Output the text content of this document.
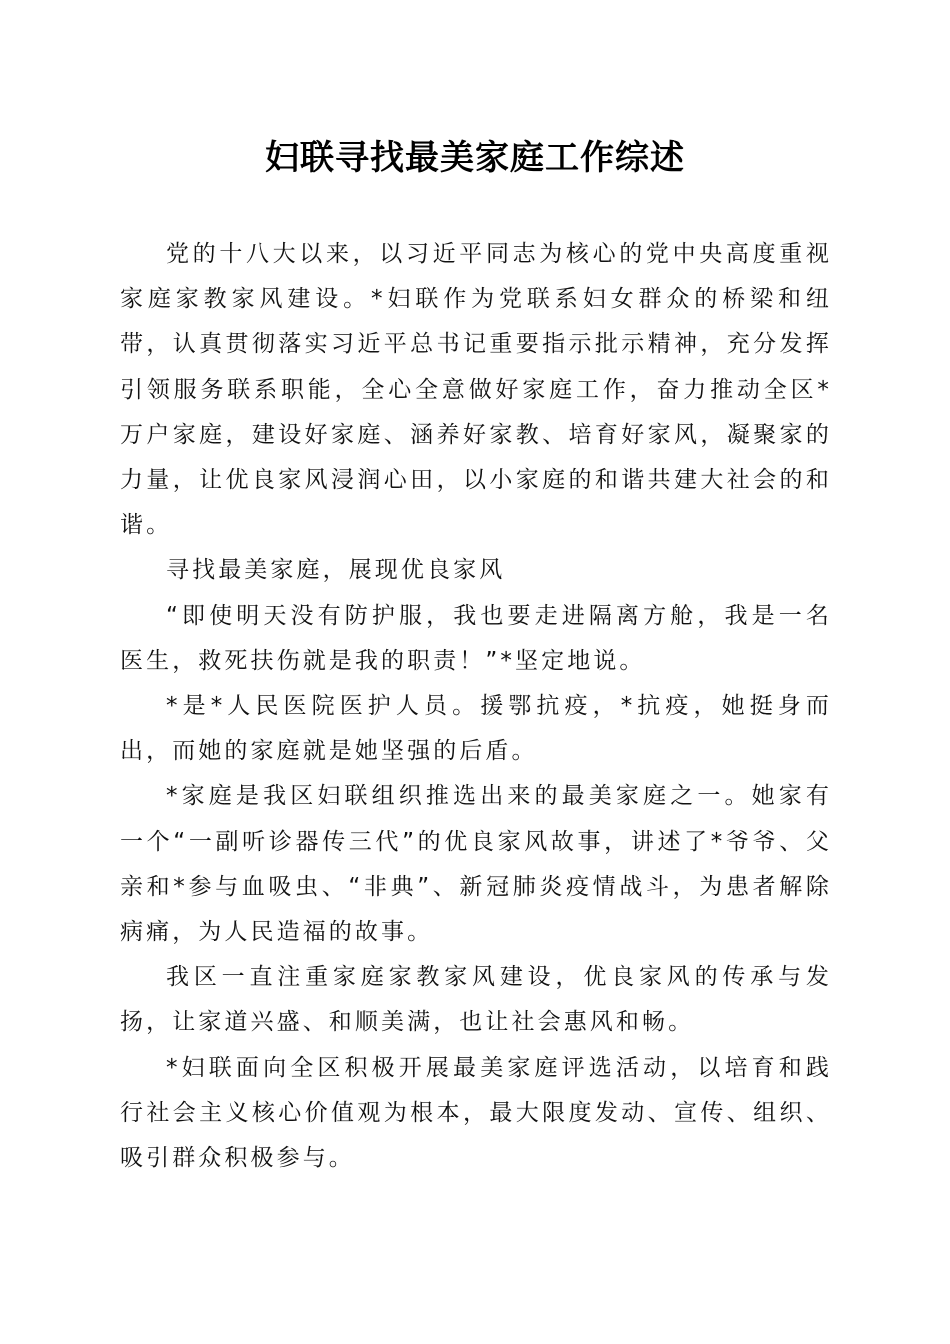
妇联寻找最美家庭工作综述

党的十八大以来，以习近平同志为核心的党中央高度重视家庭家教家风建设。*妇联作为党联系妇女群众的桥梁和纽带，认真贯彻落实习近平总书记重要指示批示精神，充分发挥引领服务联系职能，全心全意做好家庭工作，奋力推动全区*万户家庭，建设好家庭、涵养好家教、培育好家风，凝聚家的力量，让优良家风浸润心田，以小家庭的和谐共建大社会的和谐。

寻找最美家庭，展现优良家风

“即使明天没有防护服，我也要走进隔离方舱，我是一名医生，救死扶伤就是我的职责！”*坚定地说。

*是*人民医院医护人员。援鄂抗疫，*抗疫，她挺身而出，而她的家庭就是她坚强的后盾。

*家庭是我区妇联组织推选出来的最美家庭之一。她家有一个“一副听诊器传三代”的优良家风故事，讲述了*爷爷、父亲和*参与血吸虫、“非典”、新冠肺炎疫情战斗，为患者解除病痛，为人民造福的故事。

我区一直注重家庭家教家风建设，优良家风的传承与发扬，让家道兴盛、和顺美满，也让社会惠风和畅。

*妇联面向全区积极开展最美家庭评选活动，以培育和践行社会主义核心价值观为根本，最大限度发动、宣传、组织、吸引群众积极参与。
